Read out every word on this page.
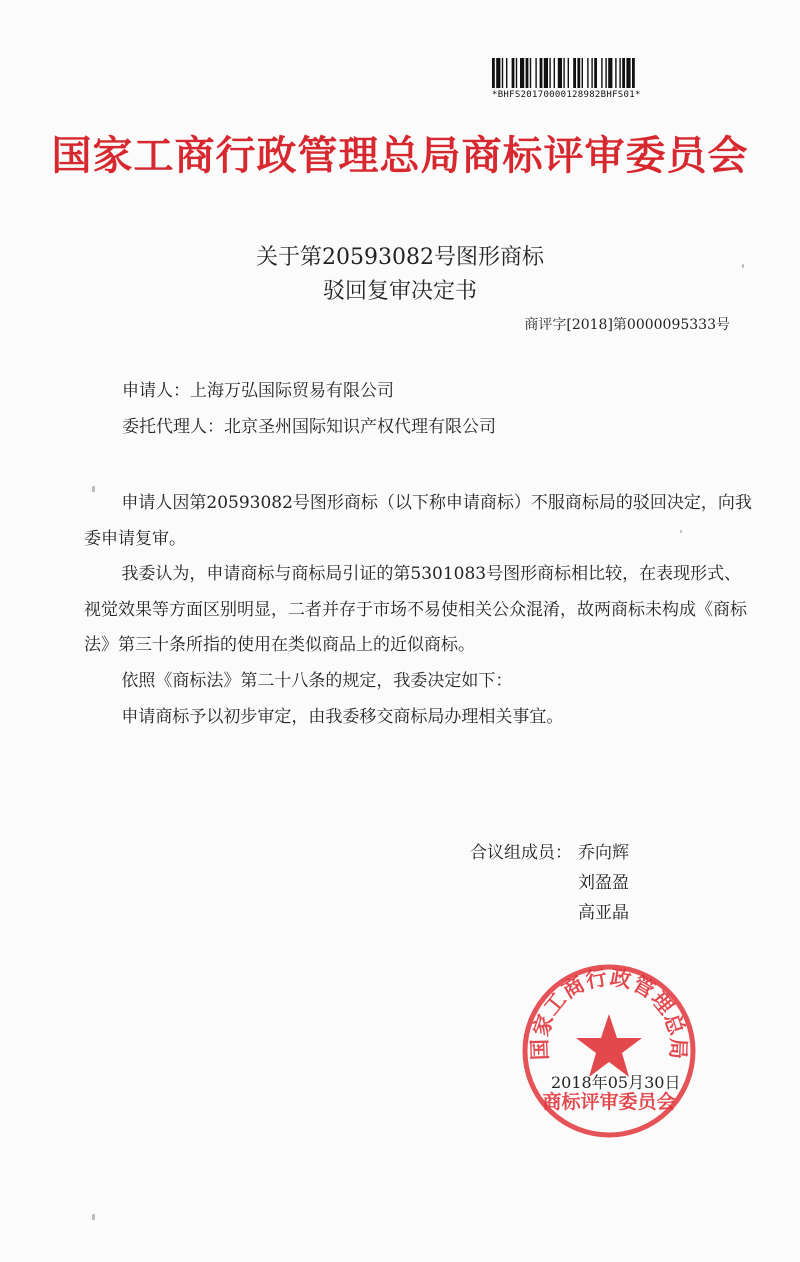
*BHFS20170000128982BHFS01*
国家工商行政管理总局商标评审委员会
关于第20593082号图形商标
驳回复审决定书
商评字[2018]第0000095333号
申请人：上海万弘国际贸易有限公司
委托代理人：北京圣州国际知识产权代理有限公司

申请人因第20593082号图形商标（以下称申请商标）不服商标局的驳回决定，向我委申请复审。

我委认为，申请商标与商标局引证的第5301083号图形商标相比较，在表现形式、视觉效果等方面区别明显，二者并存于市场不易使相关公众混淆，故两商标未构成《商标法》第三十条所指的使用在类似商品上的近似商标。

依照《商标法》第二十八条的规定，我委决定如下：

申请商标予以初步审定，由我委移交商标局办理相关事宜。

合议组成员： 乔向辉
刘盈盈
高亚晶
国家工商行政管理总局
商标评审委员会
2018年05月30日
